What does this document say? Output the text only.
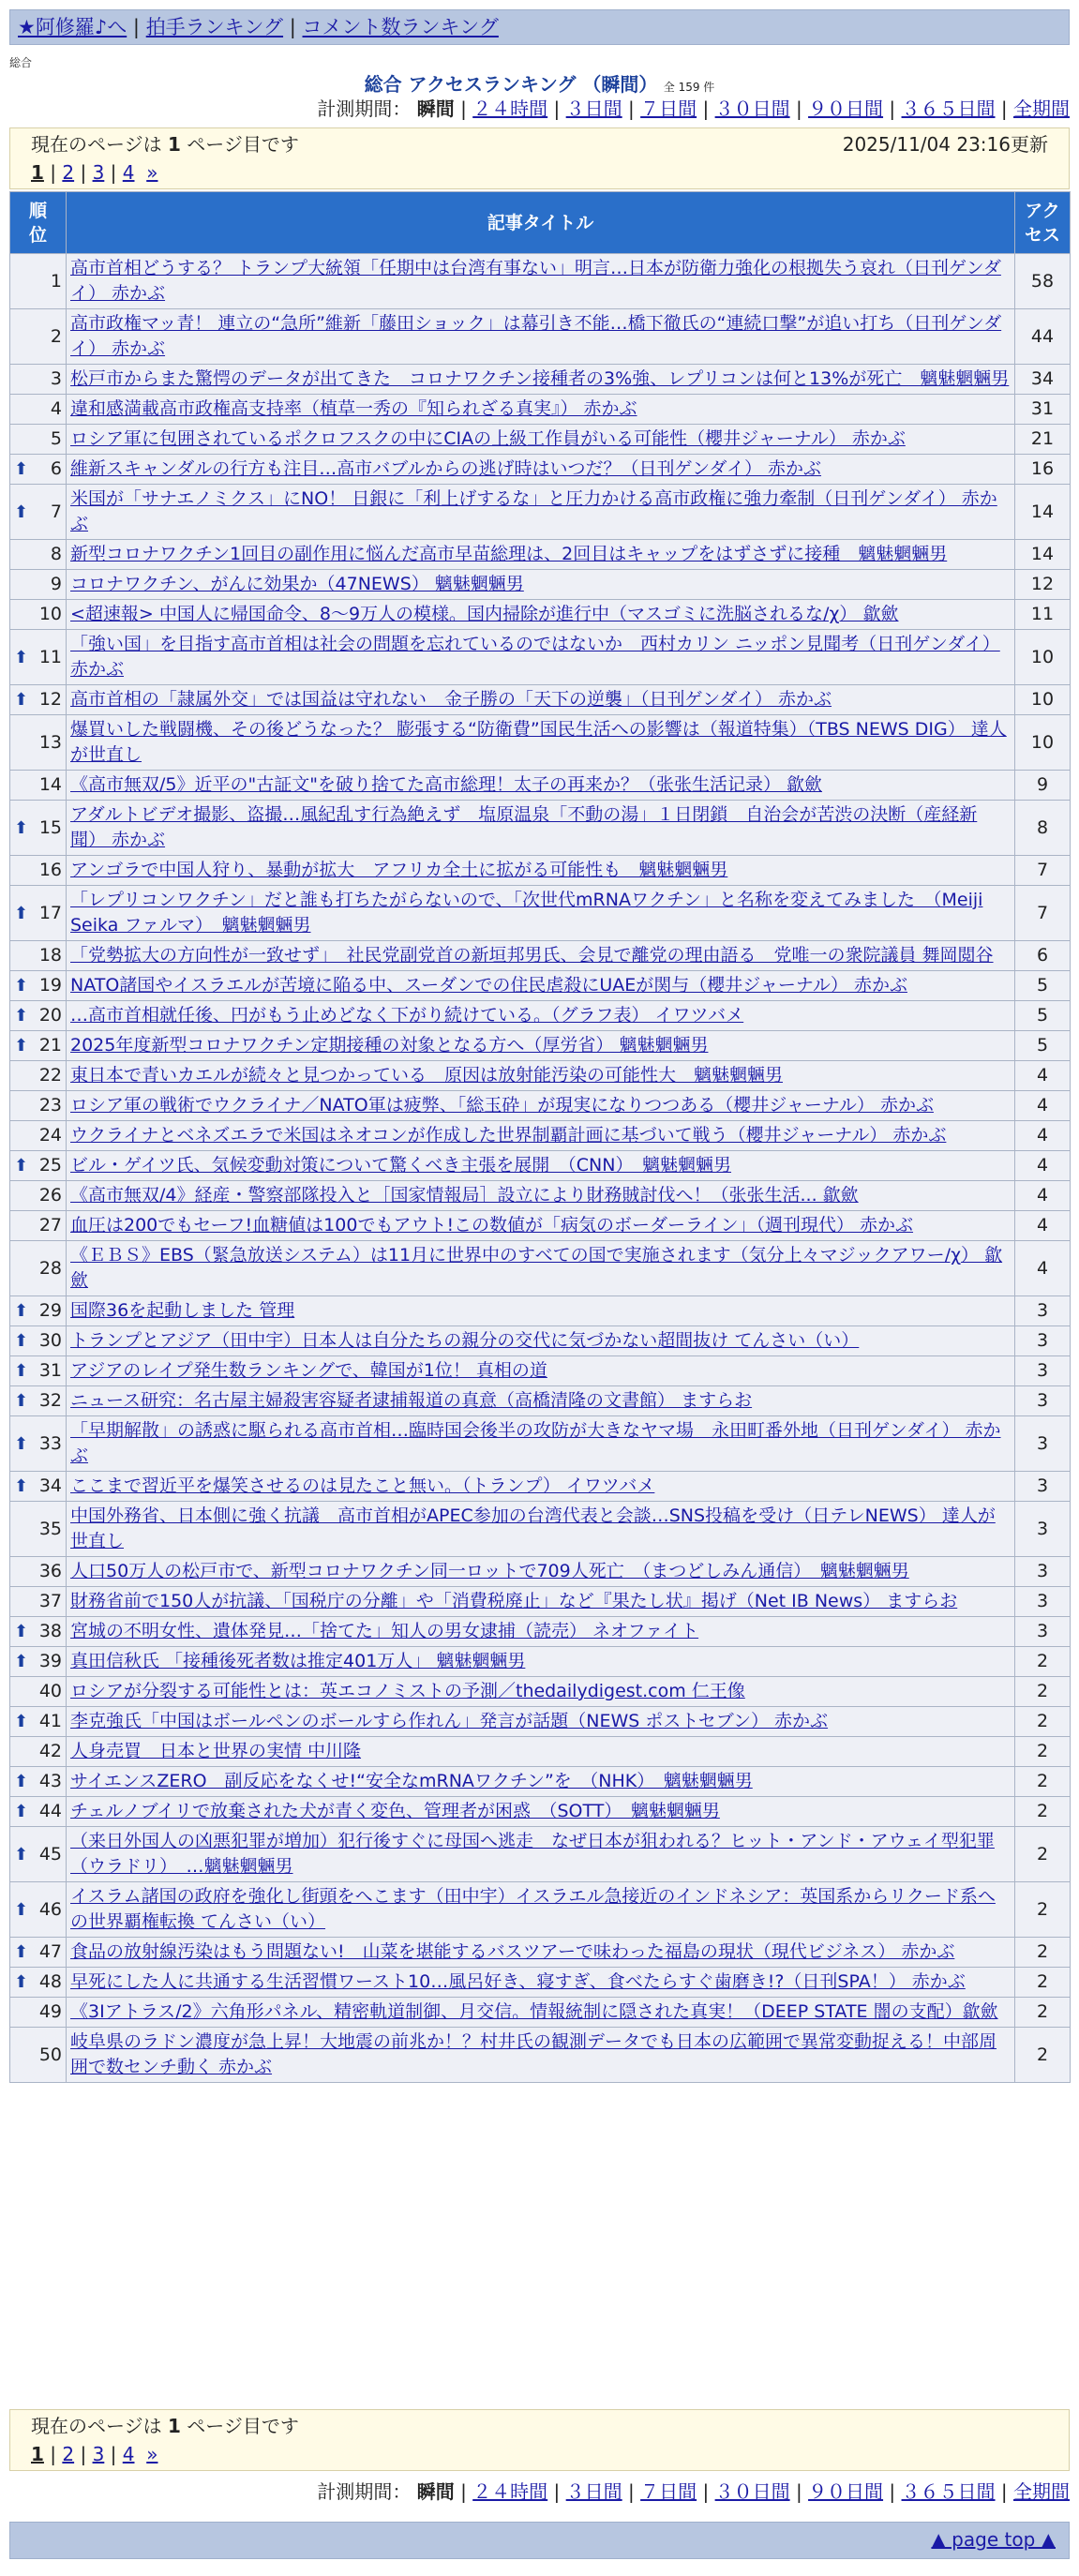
★阿修羅♪へ | 拍手ランキング | コメント数ランキング
総合
総合 アクセスランキング （瞬間） 全 159 件
計測期間： 瞬間 | ２４時間 | ３日間 | ７日間 | ３０日間 | ９０日間 | ３６５日間 | 全期間
現在のページは 1 ページ目です	2025/11/04 23:16更新
1 | 2 | 3 | 4 »
順位	記事タイトル	アクセス
1	高市首相どうする？ トランプ大統領「任期中は台湾有事ない」明言…日本が防衛力強化の根拠失う哀れ（日刊ゲンダイ） 赤かぶ	58
2	高市政権マッ青！ 連立の“急所”維新「藤田ショック」は幕引き不能…橋下徹氏の“連続口撃”が追い打ち（日刊ゲンダイ） 赤かぶ	44
3	松戸市からまた驚愕のデータが出てきた　コロナワクチン接種者の3%強、レプリコンは何と13%が死亡　魑魅魍魎男	34
4	違和感満載高市政権高支持率（植草一秀の『知られざる真実』） 赤かぶ	31
5	ロシア軍に包囲されているポクロフスクの中にCIAの上級工作員がいる可能性（櫻井ジャーナル） 赤かぶ	21

⬆ 6	維新スキャンダルの行方も注目…高市バブルからの逃げ時はいつだ？（日刊ゲンダイ） 赤かぶ	16

⬆ 7	米国が「サナエノミクス」にNO！ 日銀に「利上げするな」と圧力かける高市政権に強力牽制（日刊ゲンダイ） 赤かぶ	14
8	新型コロナワクチン1回目の副作用に悩んだ高市早苗総理は、2回目はキャップをはずさずに接種　魑魅魍魎男	14
9	コロナワクチン、がんに効果か（47NEWS） 魑魅魍魎男	12
10	<超速報> 中国人に帰国命令、8～9万人の模様。国内掃除が進行中（マスゴミに洗脳されるな/χ） 歙歛	11

⬆ 11	「強い国」を目指す高市首相は社会の問題を忘れているのではないか　西村カリン ニッポン見聞考（日刊ゲンダイ） 赤かぶ	10

⬆ 12	高市首相の「隷属外交」では国益は守れない　金子勝の「天下の逆襲」（日刊ゲンダイ） 赤かぶ	10
13	爆買いした戦闘機、その後どうなった？ 膨張する“防衛費”国民生活への影響は（報道特集）（TBS NEWS DIG） 達人が世直し	10
14	《高市無双/5》近平の"古証文"を破り捨てた高市総理！太子の再来か？（张张生活记录） 歙歛	9

⬆ 15	アダルトビデオ撮影、盗撮…風紀乱す行為絶えず　塩原温泉「不動の湯」１日閉鎖　自治会が苦渋の決断（産経新聞） 赤かぶ	8
16	アンゴラで中国人狩り、暴動が拡大　アフリカ全土に拡がる可能性も　魑魅魍魎男	7

⬆ 17	「レプリコンワクチン」だと誰も打ちたがらないので、「次世代mRNAワクチン」と名称を変えてみました　（Meiji Seika ファルマ）　魑魅魍魎男	7
18	「党勢拡大の方向性が一致せず」　社民党副党首の新垣邦男氏、会見で離党の理由語る　党唯一の衆院議員 舞岡閲谷	6

⬆ 19	NATO諸国やイスラエルが苦境に陥る中、スーダンでの住民虐殺にUAEが関与（櫻井ジャーナル） 赤かぶ	5

⬆ 20	…高市首相就任後、円がもう止めどなく下がり続けている。（グラフ表） イワツバメ	5

⬆ 21	2025年度新型コロナワクチン定期接種の対象となる方へ（厚労省） 魑魅魍魎男	5
22	東日本で青いカエルが続々と見つかっている　原因は放射能汚染の可能性大　魑魅魍魎男	4
23	ロシア軍の戦術でウクライナ／NATO軍は疲弊、「総玉砕」が現実になりつつある（櫻井ジャーナル） 赤かぶ	4
24	ウクライナとベネズエラで米国はネオコンが作成した世界制覇計画に基づいて戦う（櫻井ジャーナル） 赤かぶ	4

⬆ 25	ビル・ゲイツ氏、気候変動対策について驚くべき主張を展開　（CNN）　魑魅魍魎男	4
26	《高市無双/4》経産・警察部隊投入と［国家情報局］設立により財務賊討伐へ！（张张生活... 歙歛	4
27	血圧は200でもセーフ!血糖値は100でもアウト!この数値が「病気のボーダーライン」（週刊現代） 赤かぶ	4
28	《ＥＢＳ》EBS（緊急放送システム）は11月に世界中のすべての国で実施されます（気分上々マジックアワー/χ） 歙歛	4

⬆ 29	国際36を起動しました 管理	3

⬆ 30	トランプとアジア（田中宇）日本人は自分たちの親分の交代に気づかない超間抜け てんさい（い）	3

⬆ 31	アジアのレイプ発生数ランキングで、韓国が1位！ 真相の道	3

⬆ 32	ニュース研究：名古屋主婦殺害容疑者逮捕報道の真意（高橋清隆の文書館） ますらお	3

⬆ 33	「早期解散」の誘惑に駆られる高市首相…臨時国会後半の攻防が大きなヤマ場　永田町番外地（日刊ゲンダイ） 赤かぶ	3

⬆ 34	ここまで習近平を爆笑させるのは見たこと無い。（トランプ） イワツバメ	3
35	中国外務省、日本側に強く抗議　高市首相がAPEC参加の台湾代表と会談…SNS投稿を受け（日テレNEWS） 達人が世直し	3
36	人口50万人の松戸市で、新型コロナワクチン同一ロットで709人死亡　（まつどしみん通信）　魑魅魍魎男	3
37	財務省前で150人が抗議、「国税庁の分離」や「消費税廃止」など『果たし状』掲げ（Net IB News） ますらお	3

⬆ 38	宮城の不明女性、遺体発見…「捨てた」知人の男女逮捕（読売） ネオファイト	3

⬆ 39	真田信秋氏 「接種後死者数は推定401万人」 魑魅魍魎男	2
40	ロシアが分裂する可能性とは：英エコノミストの予測／thedailydigest.com 仁王像	2

⬆ 41	李克強氏「中国はボールペンのボールすら作れん」発言が話題（NEWS ポストセブン） 赤かぶ	2
42	人身売買　日本と世界の実情 中川隆	2

⬆ 43	サイエンスZERO　副反応をなくせ!“安全なmRNAワクチン”を　（NHK）　魑魅魍魎男	2

⬆ 44	チェルノブイリで放棄された犬が青く変色、管理者が困惑　（SOTT）　魑魅魍魎男	2

⬆ 45	（来日外国人の凶悪犯罪が増加）犯行後すぐに母国へ逃走　なぜ日本が狙われる？ヒット・アンド・アウェイ型犯罪（ウラドリ）　…魑魅魍魎男	2

⬆ 46	イスラム諸国の政府を強化し街頭をへこます（田中宇）イスラエル急接近のインドネシア：英国系からリクード系への世界覇権転換 てんさい（い）	2

⬆ 47	食品の放射線汚染はもう問題ない!　山菜を堪能するバスツアーで味わった福島の現状（現代ビジネス） 赤かぶ	2

⬆ 48	早死にした人に共通する生活習慣ワースト10…風呂好き、寝すぎ、食べたらすぐ歯磨き!?（日刊SPA！） 赤かぶ	2
49	《3Iアトラス/2》六角形パネル、精密軌道制御、月交信。情報統制に隠された真実！（DEEP STATE 闇の支配）歙歛	2
50	岐阜県のラドン濃度が急上昇！大地震の前兆か！？村井氏の観測データでも日本の広範囲で異常変動捉える！中部周囲で数センチ動く 赤かぶ	2
現在のページは 1 ページ目です
1 | 2 | 3 | 4 »
計測期間： 瞬間 | ２４時間 | ３日間 | ７日間 | ３０日間 | ９０日間 | ３６５日間 | 全期間
▲ page top ▲
